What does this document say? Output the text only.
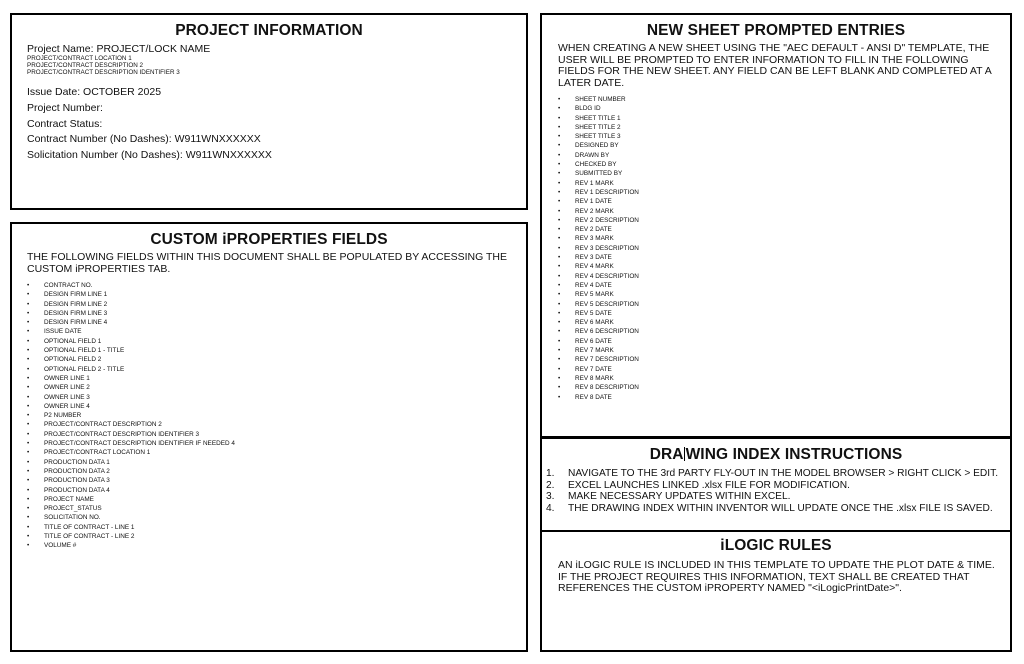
PROJECT INFORMATION
Project Name: PROJECT/LOCK NAME
PROJECT/CONTRACT LOCATION 1
PROJECT/CONTRACT DESCRIPTION 2
PROJECT/CONTRACT DESCRIPTION IDENTIFIER 3
Issue Date: OCTOBER 2025
Project Number:
Contract Status:
Contract Number (No Dashes): W911WNXXXXXX
Solicitation Number (No Dashes): W911WNXXXXXX
CUSTOM iPROPERTIES FIELDS
THE FOLLOWING FIELDS WITHIN THIS DOCUMENT SHALL BE POPULATED BY ACCESSING THE CUSTOM iPROPERTIES TAB.
• CONTRACT NO.
• DESIGN FIRM LINE 1
• DESIGN FIRM LINE 2
• DESIGN FIRM LINE 3
• DESIGN FIRM LINE 4
• ISSUE DATE
• OPTIONAL FIELD 1
• OPTIONAL FIELD 1 - TITLE
• OPTIONAL FIELD 2
• OPTIONAL FIELD 2 - TITLE
• OWNER LINE 1
• OWNER LINE 2
• OWNER LINE 3
• OWNER LINE 4
• P2 NUMBER
• PROJECT/CONTRACT DESCRIPTION 2
• PROJECT/CONTRACT DESCRIPTION IDENTIFIER 3
• PROJECT/CONTRACT DESCRIPTION IDENTIFIER IF NEEDED 4
• PROJECT/CONTRACT LOCATION 1
• PRODUCTION DATA 1
• PRODUCTION DATA 2
• PRODUCTION DATA 3
• PRODUCTION DATA 4
• PROJECT NAME
• PROJECT_STATUS
• SOLICITATION NO.
• TITLE OF CONTRACT - LINE 1
• TITLE OF CONTRACT - LINE 2
• VOLUME #
NEW SHEET PROMPTED ENTRIES
WHEN CREATING A NEW SHEET USING THE "AEC DEFAULT - ANSI D" TEMPLATE, THE USER WILL BE PROMPTED TO ENTER INFORMATION TO FILL IN THE FOLLOWING FIELDS FOR THE NEW SHEET. ANY FIELD CAN BE LEFT BLANK AND COMPLETED AT A LATER DATE.
• SHEET NUMBER
• BLDG ID
• SHEET TITLE 1
• SHEET TITLE 2
• SHEET TITLE 3
• DESIGNED BY
• DRAWN BY
• CHECKED BY
• SUBMITTED BY
• REV 1 MARK
• REV 1 DESCRIPTION
• REV 1 DATE
• REV 2 MARK
• REV 2 DESCRIPTION
• REV 2 DATE
• REV 3 MARK
• REV 3 DESCRIPTION
• REV 3 DATE
• REV 4 MARK
• REV 4 DESCRIPTION
• REV 4 DATE
• REV 5 MARK
• REV 5 DESCRIPTION
• REV 5 DATE
• REV 6 MARK
• REV 6 DESCRIPTION
• REV 6 DATE
• REV 7 MARK
• REV 7 DESCRIPTION
• REV 7 DATE
• REV 8 MARK
• REV 8 DESCRIPTION
• REV 8 DATE
DRA WING INDEX INSTRUCTIONS
1. NAVIGATE TO THE 3rd PARTY FLY-OUT IN THE MODEL BROWSER > RIGHT CLICK > EDIT.
2. EXCEL LAUNCHES LINKED .xlsx FILE FOR MODIFICATION.
3. MAKE NECESSARY UPDATES WITHIN EXCEL.
4. THE DRAWING INDEX WITHIN INVENTOR WILL UPDATE ONCE THE .xlsx FILE IS SAVED.
iLOGIC RULES
AN iLOGIC RULE IS INCLUDED IN THIS TEMPLATE TO UPDATE THE PLOT DATE & TIME. IF THE PROJECT REQUIRES THIS INFORMATION, TEXT SHALL BE CREATED THAT REFERENCES THE CUSTOM iPROPERTY NAMED "<iLogicPrintDate>".
